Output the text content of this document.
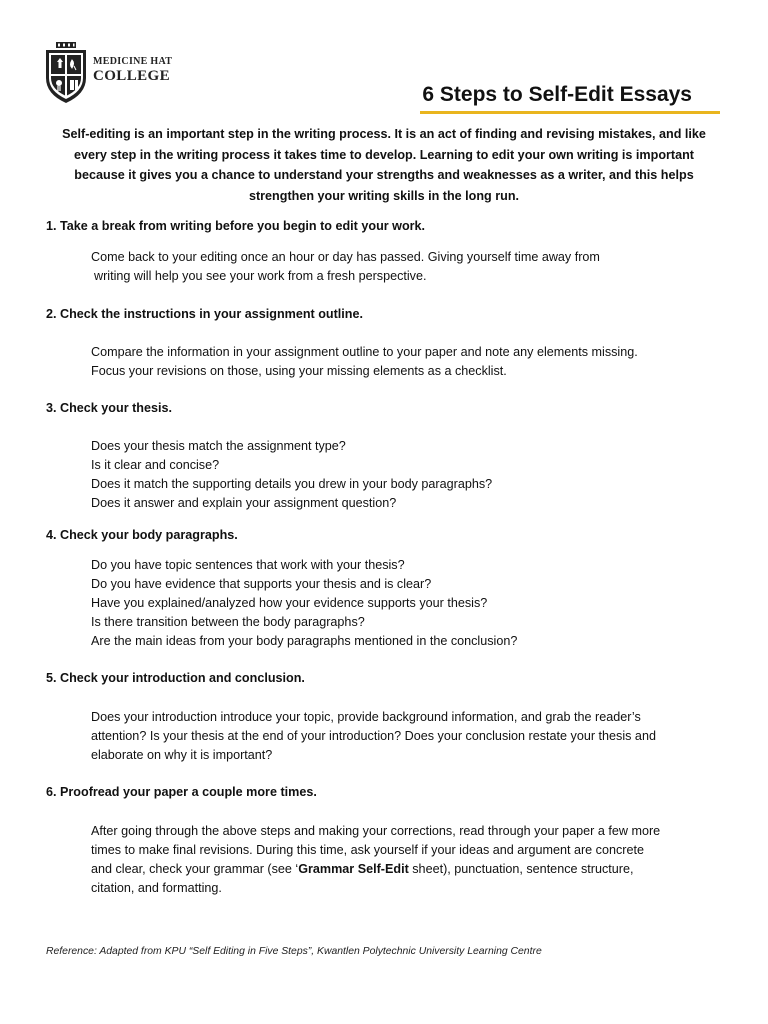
MEDICINE HAT
COLLEGE
6 Steps to Self-Edit Essays
Self-editing is an important step in the writing process. It is an act of finding and revising mistakes, and like
every step in the writing process it takes time to develop. Learning to edit your own writing is important
because it gives you a chance to understand your strengths and weaknesses as a writer, and this helps
strengthen your writing skills in the long run.
1. Take a break from writing before you begin to edit your work.
Come back to your editing once an hour or day has passed. Giving yourself time away from
writing will help you see your work from a fresh perspective.
2. Check the instructions in your assignment outline.
Compare the information in your assignment outline to your paper and note any elements missing.
Focus your revisions on those, using your missing elements as a checklist.
3. Check your thesis.
Does your thesis match the assignment type?
Is it clear and concise?
Does it match the supporting details you drew in your body paragraphs?
Does it answer and explain your assignment question?
4. Check your body paragraphs.
Do you have topic sentences that work with your thesis?
Do you have evidence that supports your thesis and is clear?
Have you explained/analyzed how your evidence supports your thesis?
Is there transition between the body paragraphs?
Are the main ideas from your body paragraphs mentioned in the conclusion?
5. Check your introduction and conclusion.
Does your introduction introduce your topic, provide background information, and grab the reader’s
attention? Is your thesis at the end of your introduction? Does your conclusion restate your thesis and
elaborate on why it is important?
6. Proofread your paper a couple more times.
After going through the above steps and making your corrections, read through your paper a few more
times to make final revisions. During this time, ask yourself if your ideas and argument are concrete
and clear, check your grammar (see ‘Grammar Self-Edit sheet), punctuation, sentence structure,
citation, and formatting.
Reference: Adapted from KPU “Self Editing in Five Steps”, Kwantlen Polytechnic University Learning Centre
